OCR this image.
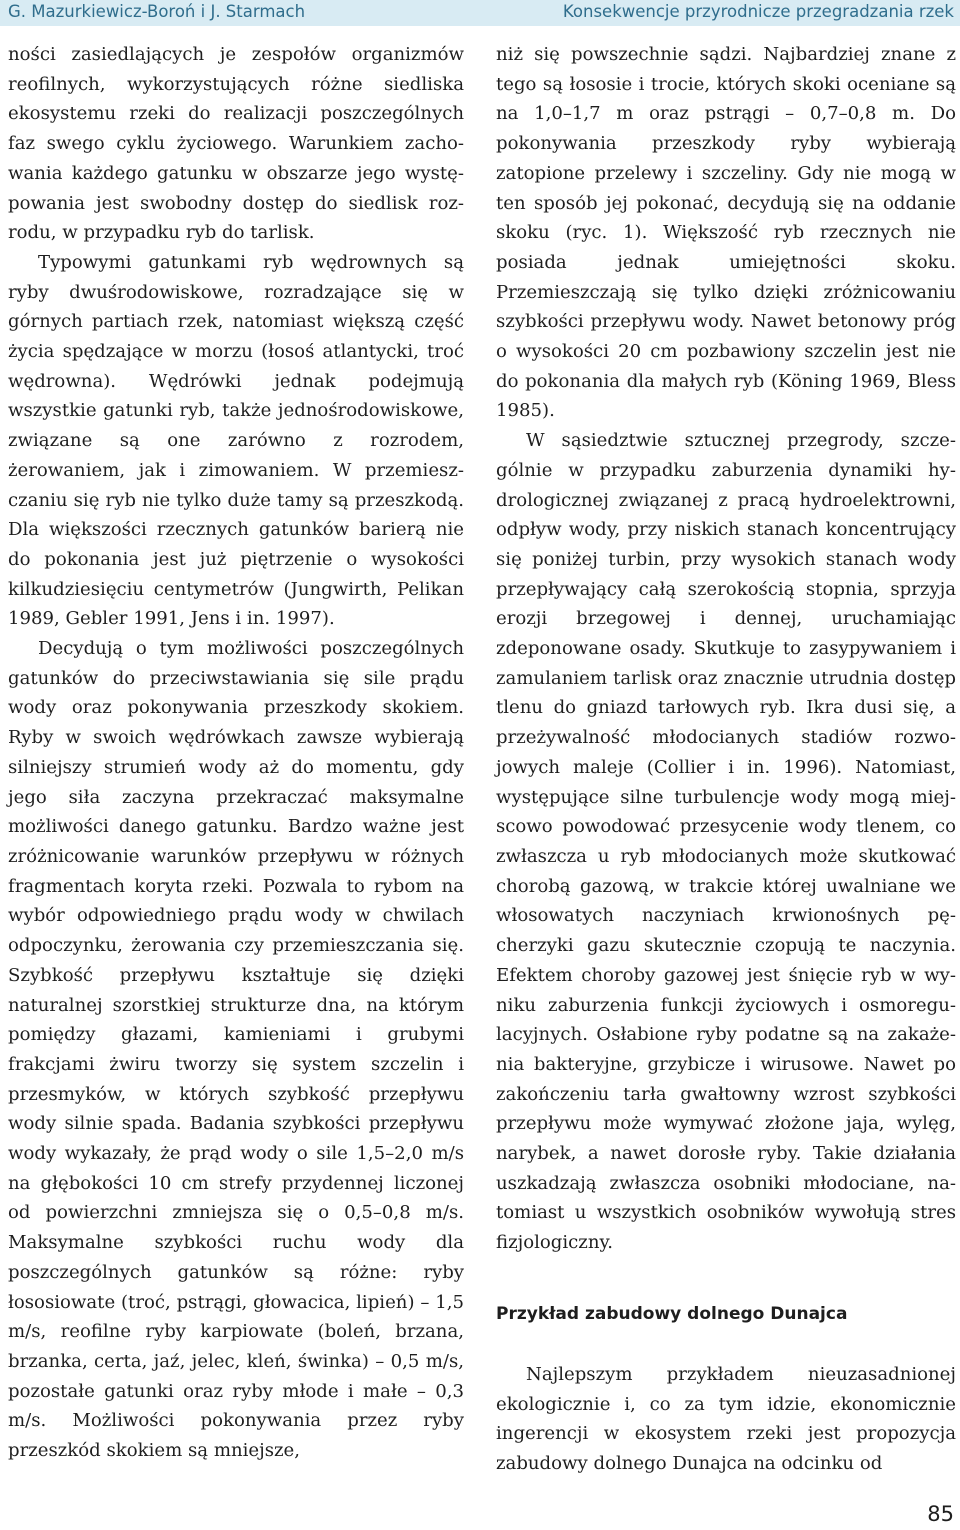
G. Mazurkiewicz-Boroń i J. Starmach	Konsekwencje przyrodnicze przegradzania rzek

ności zasiedlających je zespołów organizmów reofilnych, wykorzystujących różne siedliska ekosystemu rzeki do realizacji poszczególnych faz swego cyklu życiowego. Warunkiem zachowania każdego gatunku w obszarze jego występowania jest swobodny dostęp do siedlisk rozrodu, w przypadku ryb do tarlisk.

Typowymi gatunkami ryb wędrownych są ryby dwuśrodowiskowe, rozradzające się w górnych partiach rzek, natomiast większą część życia spędzające w morzu (łosoś atlantycki, troć wędrowna). Wędrówki jednak podejmują wszystkie gatunki ryb, także jednośrodowiskowe, związane są one zarówno z rozrodem, żerowaniem, jak i zimowaniem. W przemieszczaniu się ryb nie tylko duże tamy są przeszkodą. Dla większości rzecznych gatunków barierą nie do pokonania jest już piętrzenie o wysokości kilkudziesięciu centymetrów (Jungwirth, Pelikan 1989, Gebler 1991, Jens i in. 1997).

Decydują o tym możliwości poszczególnych gatunków do przeciwstawiania się sile prądu wody oraz pokonywania przeszkody skokiem. Ryby w swoich wędrówkach zawsze wybierają silniejszy strumień wody aż do momentu, gdy jego siła zaczyna przekraczać maksymalne możliwości danego gatunku. Bardzo ważne jest zróżnicowanie warunków przepływu w różnych fragmentach koryta rzeki. Pozwala to rybom na wybór odpowiedniego prądu wody w chwilach odpoczynku, żerowania czy przemieszczania się. Szybkość przepływu kształtuje się dzięki naturalnej szorstkiej strukturze dna, na którym pomiędzy głazami, kamieniami i grubymi frakcjami żwiru tworzy się system szczelin i przesmyków, w których szybkość przepływu wody silnie spada. Badania szybkości przepływu wody wykazały, że prąd wody o sile 1,5–2,0 m/s na głębokości 10 cm strefy przydennej liczonej od powierzchni zmniejsza się o 0,5–0,8 m/s. Maksymalne szybkości ruchu wody dla poszczególnych gatunków są różne: ryby łososiowate (troć, pstrągi, głowacica, lipień) – 1,5 m/s, reofilne ryby karpiowate (boleń, brzana, brzanka, certa, jaź, jelec, kleń, świnka) – 0,5 m/s, pozostałe gatunki oraz ryby młode i małe – 0,3 m/s. Możliwości pokonywania przez ryby przeszkód skokiem są mniejsze,

niż się powszechnie sądzi. Najbardziej znane z tego są łososie i trocie, których skoki oceniane są na 1,0–1,7 m oraz pstrągi – 0,7–0,8 m. Do pokonywania przeszkody ryby wybierają zatopione przelewy i szczeliny. Gdy nie mogą w ten sposób jej pokonać, decydują się na oddanie skoku (ryc. 1). Większość ryb rzecznych nie posiada jednak umiejętności skoku. Przemieszczają się tylko dzięki zróżnicowaniu szybkości przepływu wody. Nawet betonowy próg o wysokości 20 cm pozbawiony szczelin jest nie do pokonania dla małych ryb (Köning 1969, Bless 1985).

W sąsiedztwie sztucznej przegrody, szczególnie w przypadku zaburzenia dynamiki hydrologicznej związanej z pracą hydroelektrowni, odpływ wody, przy niskich stanach koncentrujący się poniżej turbin, przy wysokich stanach wody przepływający całą szerokością stopnia, sprzyja erozji brzegowej i dennej, uruchamiając zdeponowane osady. Skutkuje to zasypywaniem i zamulaniem tarlisk oraz znacznie utrudnia dostęp tlenu do gniazd tarłowych ryb. Ikra dusi się, a przeżywalność młodocianych stadiów rozwojowych maleje (Collier i in. 1996). Natomiast, występujące silne turbulencje wody mogą miejscowo powodować przesycenie wody tlenem, co zwłaszcza u ryb młodocianych może skutkować chorobą gazową, w trakcie której uwalniane we włosowatych naczyniach krwionośnych pęcherzyki gazu skutecznie czopują te naczynia. Efektem choroby gazowej jest śnięcie ryb w wyniku zaburzenia funkcji życiowych i osmoregulacyjnych. Osłabione ryby podatne są na zakażenia bakteryjne, grzybicze i wirusowe. Nawet po zakończeniu tarła gwałtowny wzrost szybkości przepływu może wymywać złożone jaja, wylęg, narybek, a nawet dorosłe ryby. Takie działania uszkadzają zwłaszcza osobniki młodociane, natomiast u wszystkich osobników wywołują stres fizjologiczny.

Przykład zabudowy dolnego Dunajca

Najlepszym przykładem nieuzasadnionej ekologicznie i, co za tym idzie, ekonomicznie ingerencji w ekosystem rzeki jest propozycja zabudowy dolnego Dunajca na odcinku od

85
